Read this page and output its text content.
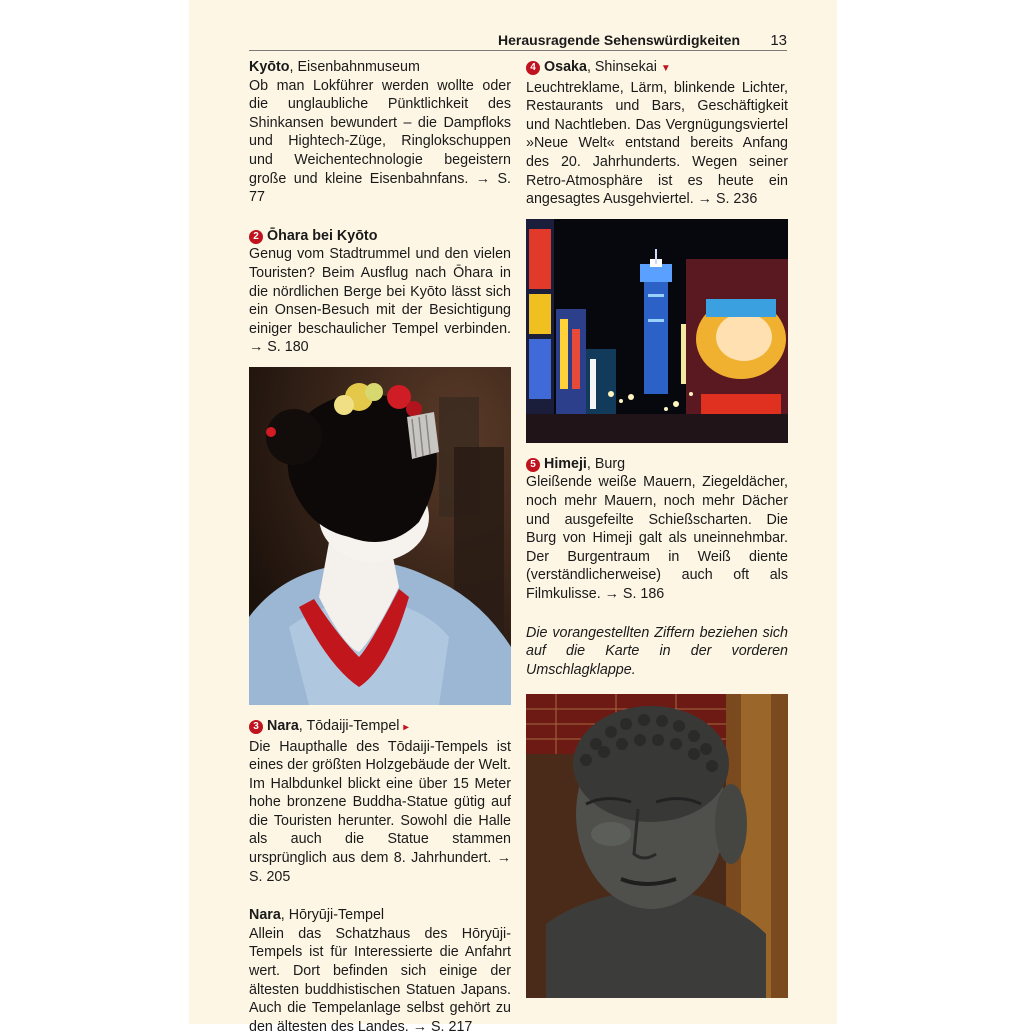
Herausragende Sehenswürdigkeiten 13
Kyōto, Eisenbahnmuseum

Ob man Lokführer werden wollte oder die unglaubliche Pünktlichkeit des Shinkansen bewundert – die Dampfloks und Hightech-Züge, Ringlokschuppen und Weichentechnologie begeistern große und kleine Eisenbahnfans. → S. 77

2 Ōhara bei Kyōto

Genug vom Stadtrummel und den vielen Touristen? Beim Ausflug nach Ōhara in die nördlichen Berge bei Kyōto lässt sich ein Onsen-Besuch mit der Besichtigung einiger beschaulicher Tempel verbinden. → S. 180

3 Nara, Tōdaiji-Tempel ▸

Die Haupthalle des Tōdaiji-Tempels ist eines der größten Holzgebäude der Welt. Im Halbdunkel blickt eine über 15 Meter hohe bronzene Buddha-Statue gütig auf die Touristen herunter. Sowohl die Halle als auch die Statue stammen ursprünglich aus dem 8. Jahrhundert. → S. 205

Nara, Hōryūji-Tempel

Allein das Schatzhaus des Hōryūji-Tempels ist für Interessierte die Anfahrt wert. Dort befinden sich einige der ältesten buddhistischen Statuen Japans. Auch die Tempelanlage selbst gehört zu den ältesten des Landes. → S. 217

4 Osaka, Shinsekai ▼

Leuchtreklame, Lärm, blinkende Lichter, Restaurants und Bars, Geschäftigkeit und Nachtleben. Das Vergnügungsviertel »Neue Welt« entstand bereits Anfang des 20. Jahrhunderts. Wegen seiner Retro-Atmosphäre ist es heute ein angesagtes Ausgehviertel. → S. 236

5 Himeji, Burg

Gleißende weiße Mauern, Ziegeldächer, noch mehr Mauern, noch mehr Dächer und ausgefeilte Schießscharten. Die Burg von Himeji galt als uneinnehmbar. Der Burgentraum in Weiß diente (verständlicherweise) auch oft als Filmkulisse. → S. 186

Die vorangestellten Ziffern beziehen sich auf die Karte in der vorderen Umschlagklappe.
